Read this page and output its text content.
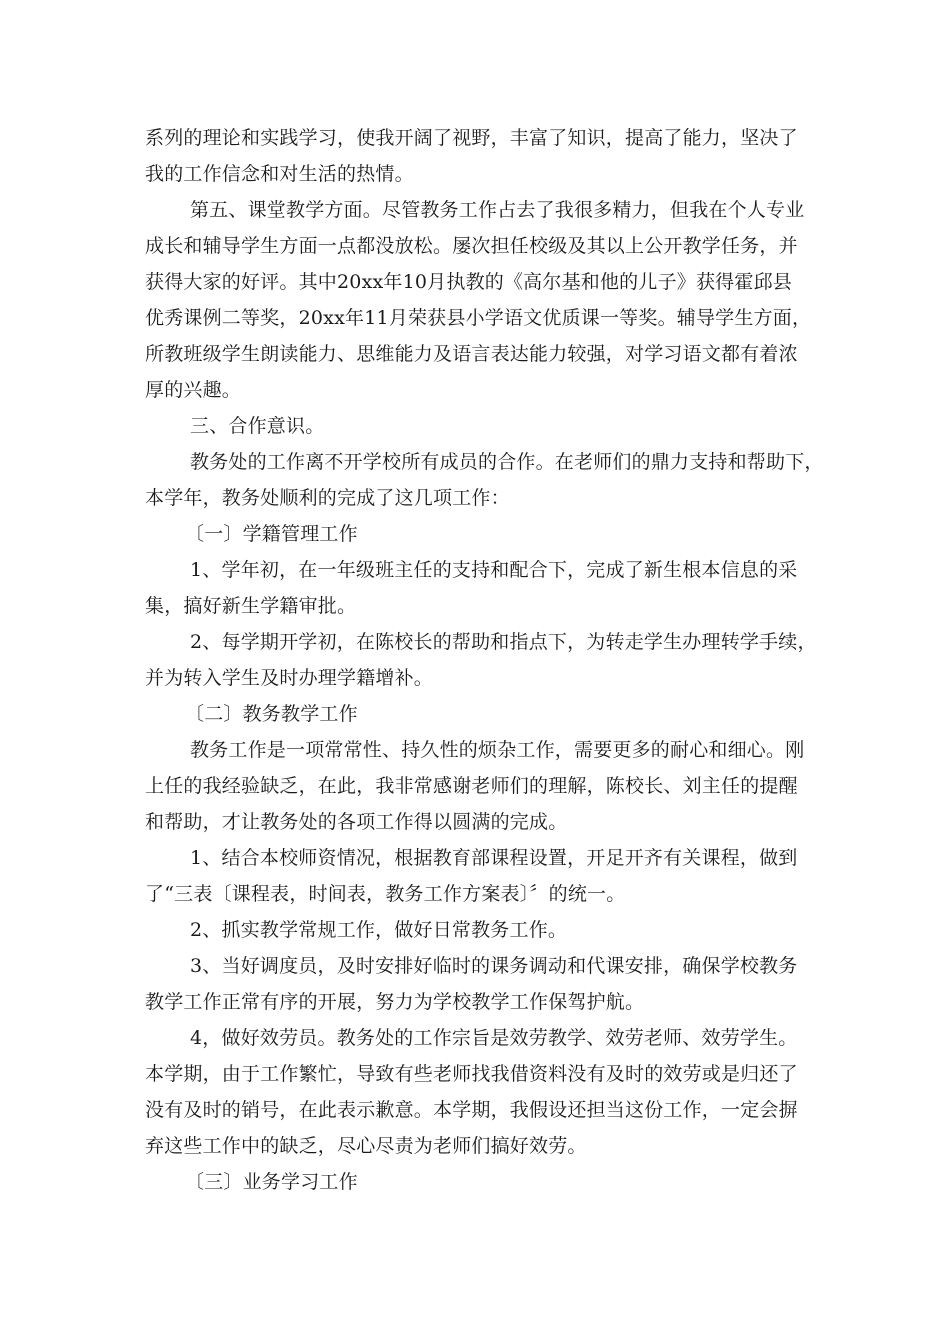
系列的理论和实践学习，使我开阔了视野，丰富了知识，提高了能力，坚决了
我的工作信念和对生活的热情。
第五、课堂教学方面。尽管教务工作占去了我很多精力，但我在个人专业
成长和辅导学生方面一点都没放松。屡次担任校级及其以上公开教学任务，并
获得大家的好评。其中20xx年10月执教的《高尔基和他的儿子》获得霍邱县
优秀课例二等奖，20xx年11月荣获县小学语文优质课一等奖。辅导学生方面，
所教班级学生朗读能力、思维能力及语言表达能力较强，对学习语文都有着浓
厚的兴趣。
三、合作意识。
教务处的工作离不开学校所有成员的合作。在老师们的鼎力支持和帮助下，
本学年，教务处顺利的完成了这几项工作：
〔一〕学籍管理工作
1、学年初，在一年级班主任的支持和配合下，完成了新生根本信息的采
集，搞好新生学籍审批。
2、每学期开学初，在陈校长的帮助和指点下，为转走学生办理转学手续，
并为转入学生及时办理学籍增补。
〔二〕教务教学工作
教务工作是一项常常性、持久性的烦杂工作，需要更多的耐心和细心。刚
上任的我经验缺乏，在此，我非常感谢老师们的理解，陈校长、刘主任的提醒
和帮助，才让教务处的各项工作得以圆满的完成。
1、结合本校师资情况，根据教育部课程设置，开足开齐有关课程，做到
了“三表〔课程表，时间表，教务工作方案表〕〞的统一。
2、抓实教学常规工作，做好日常教务工作。
3、当好调度员，及时安排好临时的课务调动和代课安排，确保学校教务
教学工作正常有序的开展，努力为学校教学工作保驾护航。
4，做好效劳员。教务处的工作宗旨是效劳教学、效劳老师、效劳学生。
本学期，由于工作繁忙，导致有些老师找我借资料没有及时的效劳或是归还了
没有及时的销号，在此表示歉意。本学期，我假设还担当这份工作，一定会摒
弃这些工作中的缺乏，尽心尽责为老师们搞好效劳。
〔三〕业务学习工作
